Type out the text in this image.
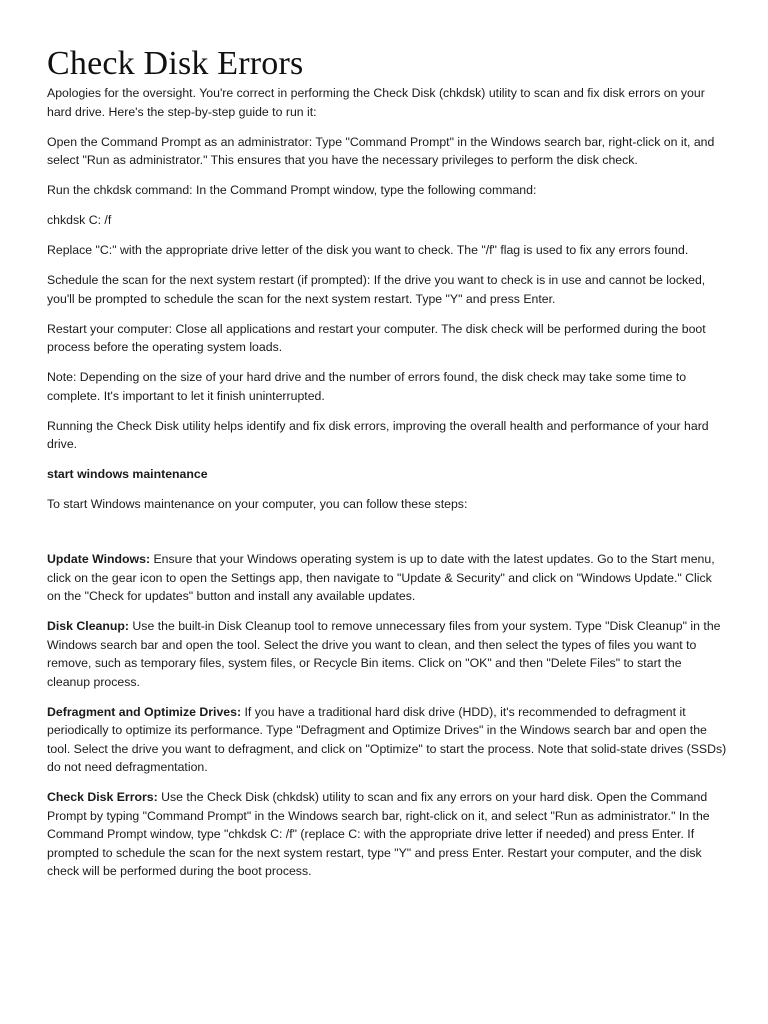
Check Disk Errors

Apologies for the oversight. You're correct in performing the Check Disk (chkdsk) utility to scan and fix disk errors on your hard drive. Here's the step-by-step guide to run it:

Open the Command Prompt as an administrator: Type "Command Prompt" in the Windows search bar, right-click on it, and select "Run as administrator." This ensures that you have the necessary privileges to perform the disk check.

Run the chkdsk command: In the Command Prompt window, type the following command:

chkdsk C: /f

Replace "C:" with the appropriate drive letter of the disk you want to check. The "/f" flag is used to fix any errors found.

Schedule the scan for the next system restart (if prompted): If the drive you want to check is in use and cannot be locked, you'll be prompted to schedule the scan for the next system restart. Type "Y" and press Enter.

Restart your computer: Close all applications and restart your computer. The disk check will be performed during the boot process before the operating system loads.

Note: Depending on the size of your hard drive and the number of errors found, the disk check may take some time to complete. It's important to let it finish uninterrupted.

Running the Check Disk utility helps identify and fix disk errors, improving the overall health and performance of your hard drive.

start windows maintenance

To start Windows maintenance on your computer, you can follow these steps:

Update Windows: Ensure that your Windows operating system is up to date with the latest updates. Go to the Start menu, click on the gear icon to open the Settings app, then navigate to "Update & Security" and click on "Windows Update." Click on the "Check for updates" button and install any available updates.

Disk Cleanup: Use the built-in Disk Cleanup tool to remove unnecessary files from your system. Type "Disk Cleanup" in the Windows search bar and open the tool. Select the drive you want to clean, and then select the types of files you want to remove, such as temporary files, system files, or Recycle Bin items. Click on "OK" and then "Delete Files" to start the cleanup process.

Defragment and Optimize Drives: If you have a traditional hard disk drive (HDD), it's recommended to defragment it periodically to optimize its performance. Type "Defragment and Optimize Drives" in the Windows search bar and open the tool. Select the drive you want to defragment, and click on "Optimize" to start the process. Note that solid-state drives (SSDs) do not need defragmentation.

Check Disk Errors: Use the Check Disk (chkdsk) utility to scan and fix any errors on your hard disk. Open the Command Prompt by typing "Command Prompt" in the Windows search bar, right-click on it, and select "Run as administrator." In the Command Prompt window, type "chkdsk C: /f" (replace C: with the appropriate drive letter if needed) and press Enter. If prompted to schedule the scan for the next system restart, type "Y" and press Enter. Restart your computer, and the disk check will be performed during the boot process.
